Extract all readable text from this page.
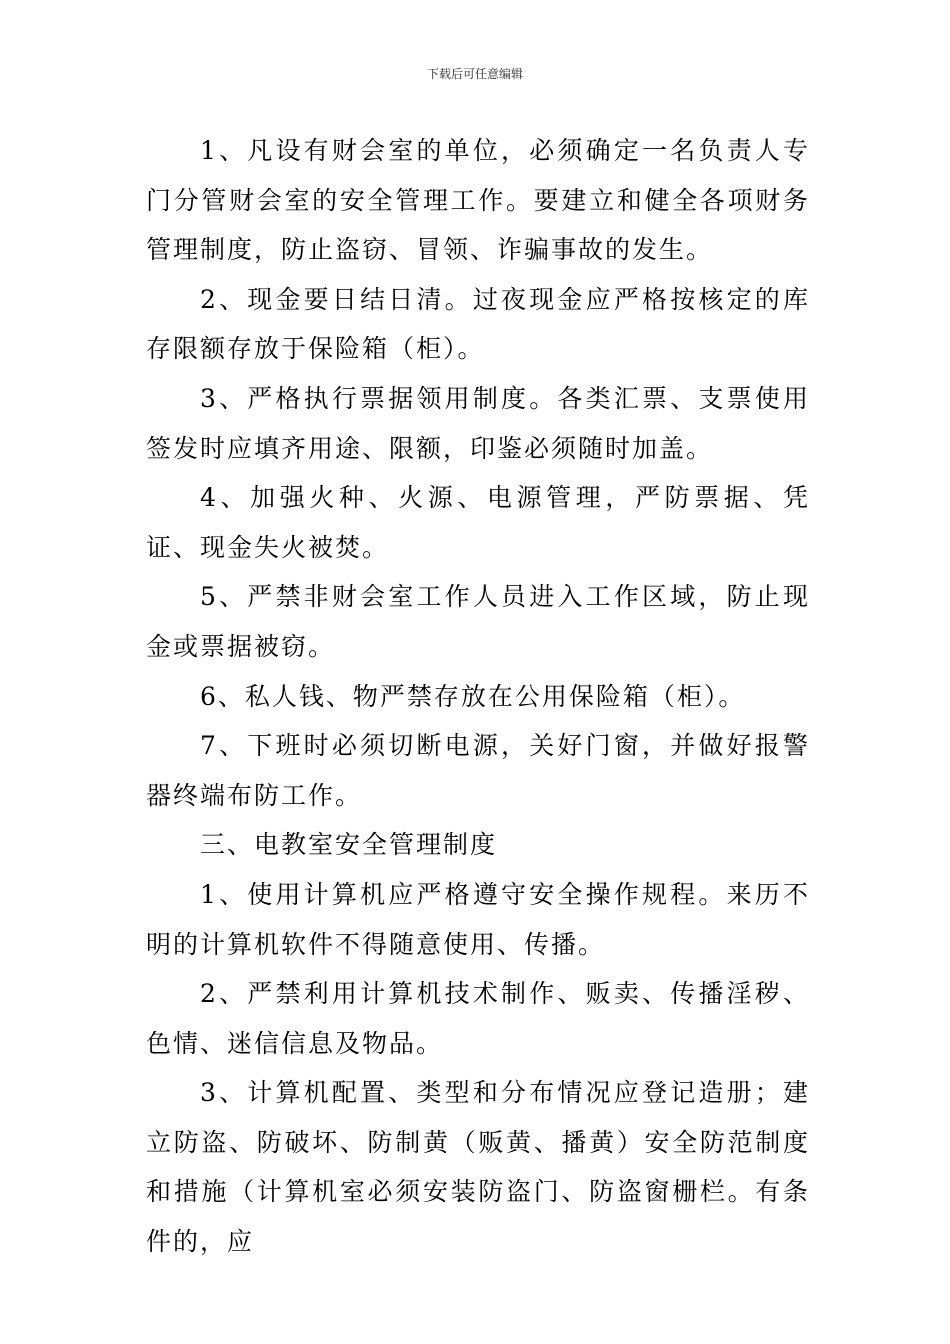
下载后可任意编辑

1、凡设有财会室的单位，必须确定一名负责人专门分管财会室的安全管理工作。要建立和健全各项财务管理制度，防止盗窃、冒领、诈骗事故的发生。

2、现金要日结日清。过夜现金应严格按核定的库存限额存放于保险箱（柜）。

3、严格执行票据领用制度。各类汇票、支票使用签发时应填齐用途、限额，印鉴必须随时加盖。

4、加强火种、火源、电源管理，严防票据、凭证、现金失火被焚。

5、严禁非财会室工作人员进入工作区域，防止现金或票据被窃。

6、私人钱、物严禁存放在公用保险箱（柜）。

7、下班时必须切断电源，关好门窗，并做好报警器终端布防工作。

三、电教室安全管理制度

1、使用计算机应严格遵守安全操作规程。来历不明的计算机软件不得随意使用、传播。

2、严禁利用计算机技术制作、贩卖、传播淫秽、色情、迷信信息及物品。

3、计算机配置、类型和分布情况应登记造册；建立防盗、防破坏、防制黄（贩黄、播黄）安全防范制度和措施（计算机室必须安装防盗门、防盗窗栅栏。有条件的，应
